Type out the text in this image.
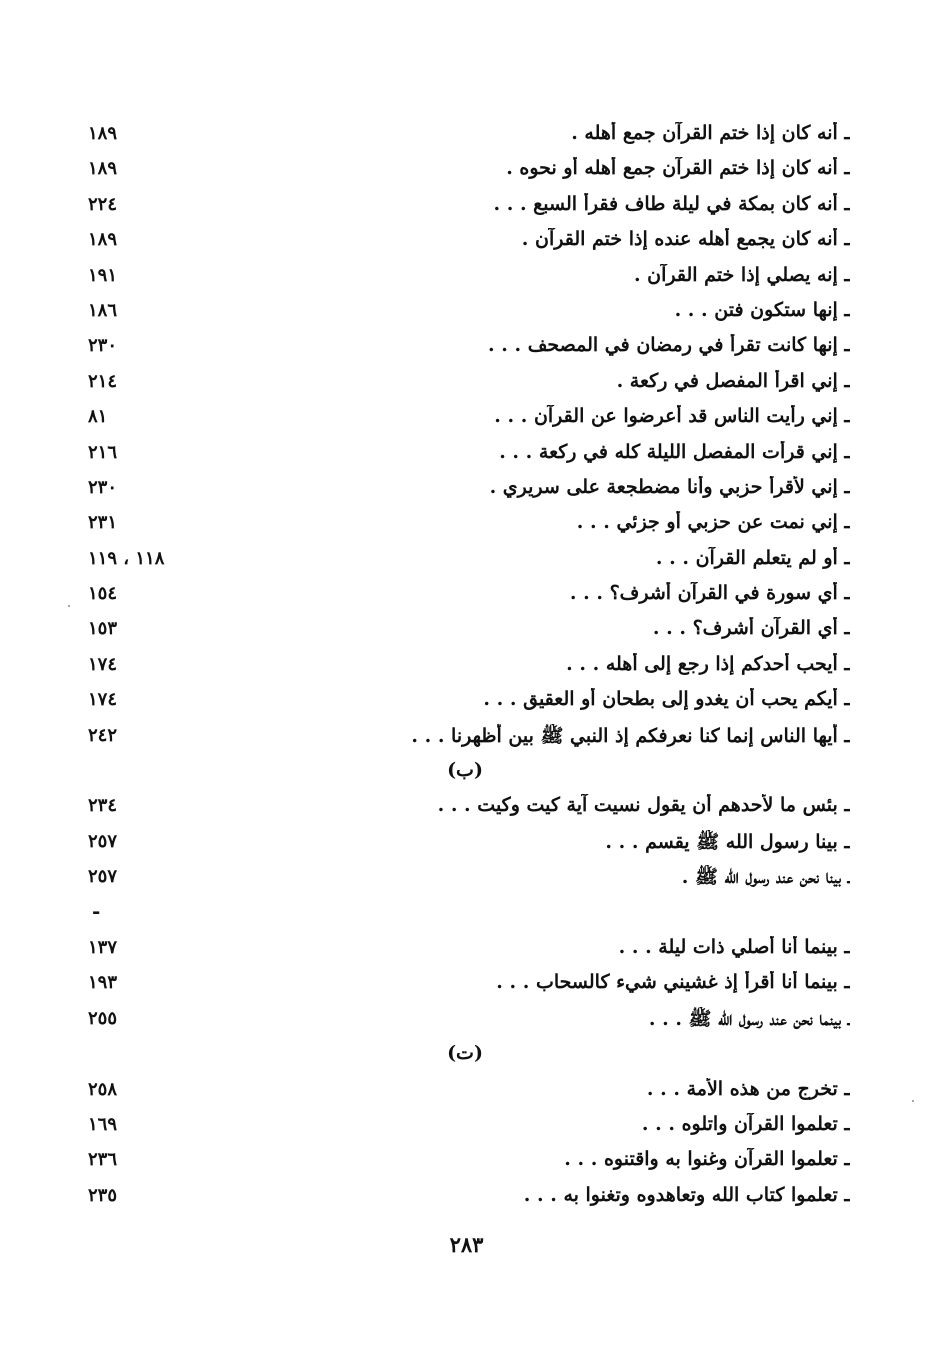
ـ أنه كان إذا ختم القرآن جمع أهله .
١٨٩
ـ أنه كان إذا ختم القرآن جمع أهله أو نحوه .
١٨٩
ـ أنه كان بمكة في ليلة طاف فقرأ السبع . . .
٢٢٤
ـ أنه كان يجمع أهله عنده إذا ختم القرآن .
١٨٩
ـ إنه يصلي إذا ختم القرآن .
١٩١
ـ إنها ستكون فتن . . .
١٨٦
ـ إنها كانت تقرأ في رمضان في المصحف . . .
٢٣٠
ـ إني اقرأ المفصل في ركعة .
٢١٤
ـ إني رأيت الناس قد أعرضوا عن القرآن . . .
٨١
ـ إني قرأت المفصل الليلة كله في ركعة . . .
٢١٦
ـ إني لأقرأ حزبي وأنا مضطجعة على سريري .
٢٣٠
ـ إني نمت عن حزبي أو جزئي . . .
٢٣١
ـ أو لم يتعلم القرآن . . .
١١٨ ، ١١٩
ـ أي سورة في القرآن أشرف؟ . . .
١٥٤
ـ أي القرآن أشرف؟ . . .
١٥٣
ـ أيحب أحدكم إذا رجع إلى أهله . . .
١٧٤
ـ أيكم يحب أن يغدو إلى بطحان أو العقيق . . .
١٧٤
ـ أيها الناس إنما كنا نعرفكم إذ النبي ﷺ بين أظهرنا . . .
٢٤٢
(ب)
ـ بئس ما لأحدهم أن يقول نسيت آية كيت وكيت . . .
٢٣٤
ـ بينا رسول الله ﷺ يقسم . . .
٢٥٧
ـ بينا نحن عند رسول الله ﷺ .
٢٥٧
-
ـ بينما أنا أصلي ذات ليلة . . .
١٣٧
ـ بينما أنا أقرأ إذ غشيني شيء كالسحاب . . .
١٩٣
ـ بينما نحن عند رسول الله ﷺ . . .
٢٥٥
(ت)
ـ تخرج من هذه الأمة . . .
٢٥٨
ـ تعلموا القرآن واتلوه . . .
١٦٩
ـ تعلموا القرآن وغنوا به واقتنوه . . .
٢٣٦
ـ تعلموا كتاب الله وتعاهدوه وتغنوا به . . .
٢٣٥
٢٨٣
